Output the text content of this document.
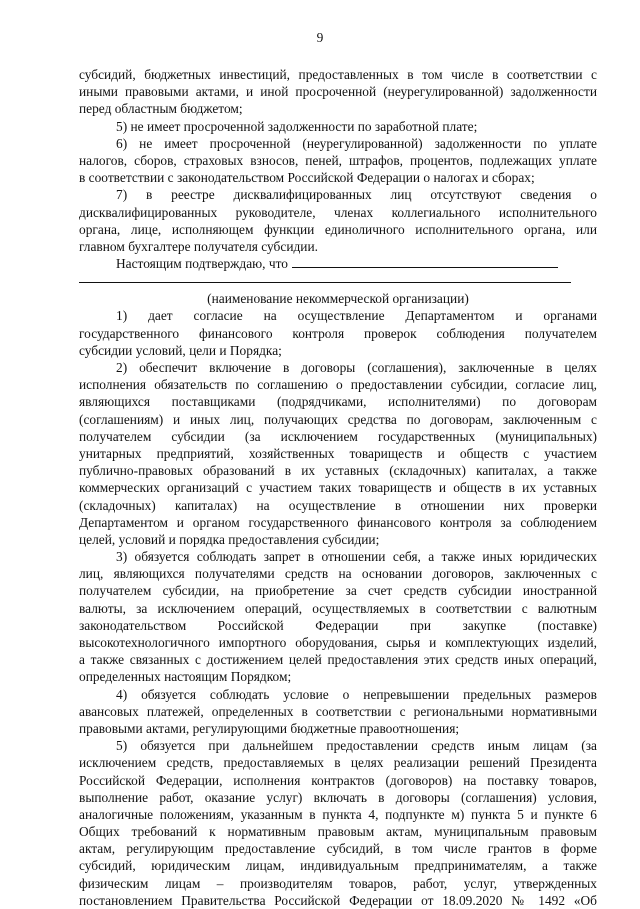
9
субсидий, бюджетных инвестиций, предоставленных в том числе в соответствии с
иными правовыми актами, и иной просроченной (неурегулированной) задолженности
перед областным бюджетом;
5) не имеет просроченной задолженности по заработной плате;
6) не имеет просроченной (неурегулированной) задолженности по уплате
налогов, сборов, страховых взносов, пеней, штрафов, процентов, подлежащих уплате
в соответствии с законодательством Российской Федерации о налогах и сборах;
7) в реестре дисквалифицированных лиц отсутствуют сведения о
дисквалифицированных руководителе, членах коллегиального исполнительного
органа, лице, исполняющем функции единоличного исполнительного органа, или
главном бухгалтере получателя субсидии.
Настоящим подтверждаю, что
(наименование некоммерческой организации)
1) дает согласие на осуществление Департаментом и органами
государственного финансового контроля проверок соблюдения получателем
субсидии условий, цели и Порядка;
2) обеспечит включение в договоры (соглашения), заключенные в целях
исполнения обязательств по соглашению о предоставлении субсидии, согласие лиц,
являющихся поставщиками (подрядчиками, исполнителями) по договорам
(соглашениям) и иных лиц, получающих средства по договорам, заключенным с
получателем субсидии (за исключением государственных (муниципальных)
унитарных предприятий, хозяйственных товариществ и обществ с участием
публично-правовых образований в их уставных (складочных) капиталах, а также
коммерческих организаций с участием таких товариществ и обществ в их уставных
(складочных) капиталах) на осуществление в отношении них проверки
Департаментом и органом государственного финансового контроля за соблюдением
целей, условий и порядка предоставления субсидии;
3) обязуется соблюдать запрет в отношении себя, а также иных юридических
лиц, являющихся получателями средств на основании договоров, заключенных с
получателем субсидии, на приобретение за счет средств субсидии иностранной
валюты, за исключением операций, осуществляемых в соответствии с валютным
законодательством Российской Федерации при закупке (поставке)
высокотехнологичного импортного оборудования, сырья и комплектующих изделий,
а также связанных с достижением целей предоставления этих средств иных операций,
определенных настоящим Порядком;
4) обязуется соблюдать условие о непревышении предельных размеров
авансовых платежей, определенных в соответствии с региональными нормативными
правовыми актами, регулирующими бюджетные правоотношения;
5) обязуется при дальнейшем предоставлении средств иным лицам (за
исключением средств, предоставляемых в целях реализации решений Президента
Российской Федерации, исполнения контрактов (договоров) на поставку товаров,
выполнение работ, оказание услуг) включать в договоры (соглашения) условия,
аналогичные положениям, указанным в пункта 4, подпункте м) пункта 5 и пункте 6
Общих требований к нормативным правовым актам, муниципальным правовым
актам, регулирующим предоставление субсидий, в том числе грантов в форме
субсидий, юридическим лицам, индивидуальным предпринимателям, а также
физическим лицам – производителям товаров, работ, услуг, утвержденных
постановлением Правительства Российской Федерации от 18.09.2020 № 1492 «Об
